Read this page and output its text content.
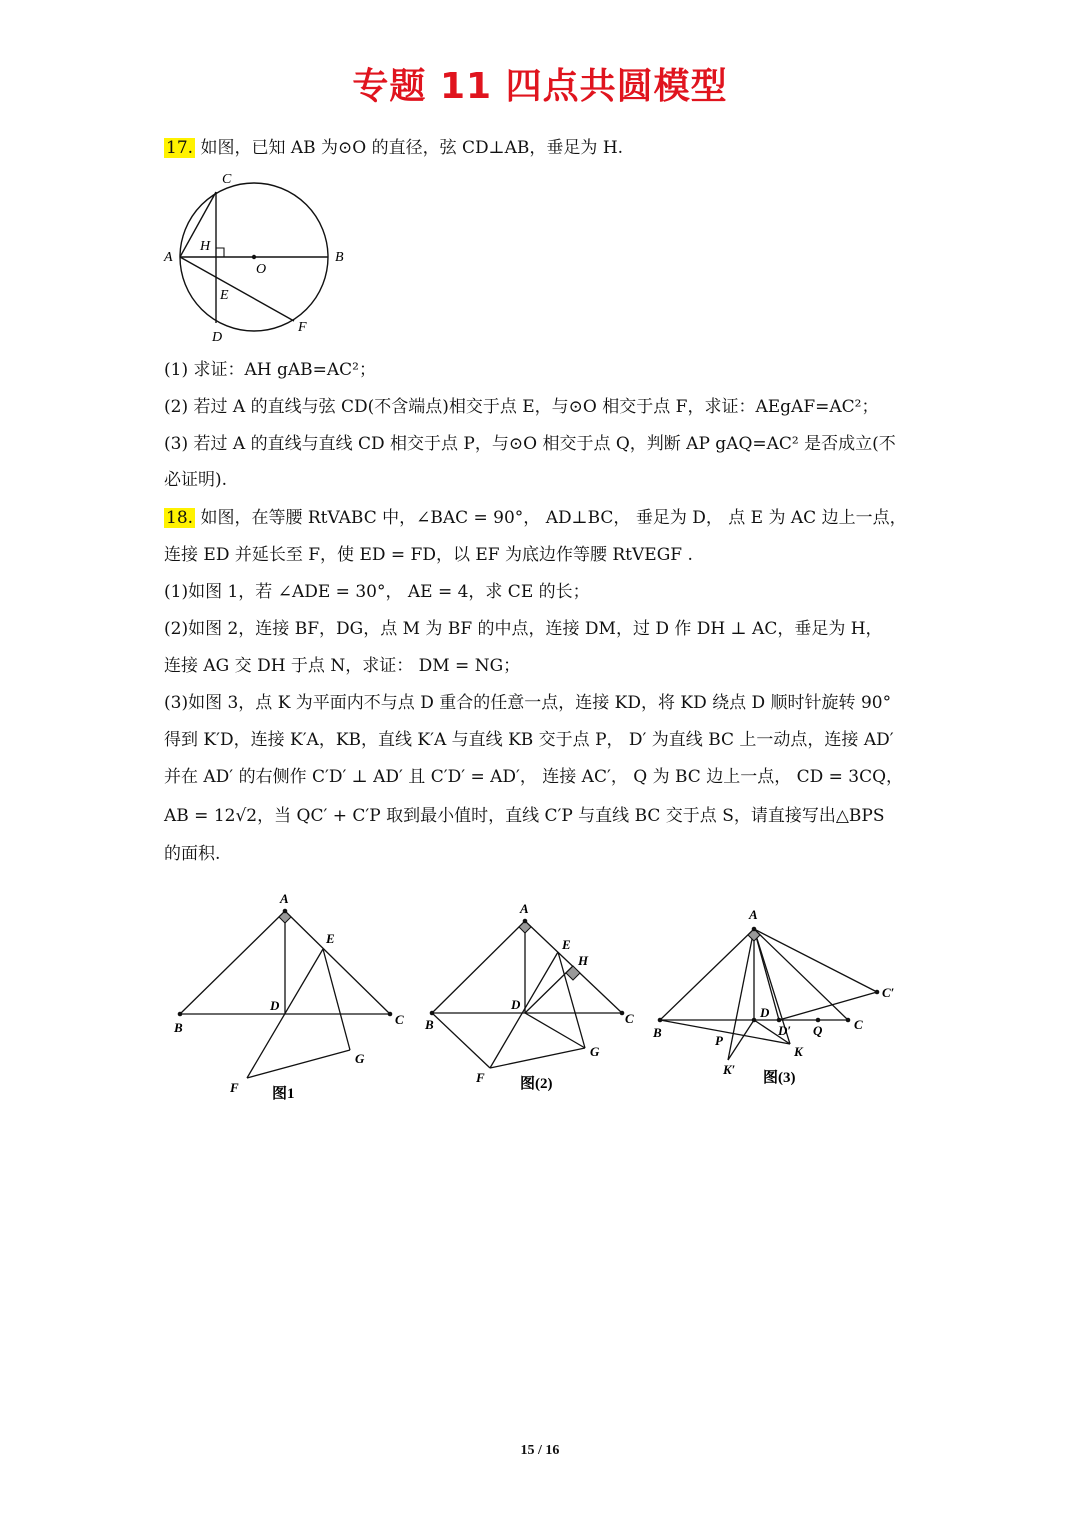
专题 11 四点共圆模型
17. 如图，已知 AB 为⊙O 的直径，弦 CD⊥AB，垂足为 H.
C
A	B
H
O
E
D
F
(1) 求证：AH gAB=AC²；
(2) 若过 A 的直线与弦 CD(不含端点)相交于点 E，与⊙O 相交于点 F，求证：AEgAF=AC²；
(3) 若过 A 的直线与直线 CD 相交于点 P，与⊙O 相交于点 Q，判断 AP gAQ=AC² 是否成立(不
必证明).
18. 如图，在等腰 RtVABC 中，∠BAC = 90°， AD⊥BC， 垂足为 D， 点 E 为 AC 边上一点，
连接 ED 并延长至 F，使 ED = FD，以 EF 为底边作等腰 RtVEGF .
(1)如图 1，若 ∠ADE = 30°， AE = 4，求 CE 的长；
(2)如图 2，连接 BF，DG，点 M 为 BF 的中点，连接 DM，过 D 作 DH ⊥ AC，垂足为 H，
连接 AG 交 DH 于点 N，求证： DM = NG；
(3)如图 3，点 K 为平面内不与点 D 重合的任意一点，连接 KD，将 KD 绕点 D 顺时针旋转 90°
得到 K′D，连接 K′A，KB，直线 K′A 与直线 KB 交于点 P， D′ 为直线 BC 上一动点，连接 AD′
并在 AD′ 的右侧作 C′D′ ⊥ AD′ 且 C′D′ = AD′， 连接 AC′， Q 为 BC 边上一点， CD = 3CQ，
AB = 12√2，当 QC′ + C′P 取到最小值时，直线 C′P 与直线 BC 交于点 S，请直接写出△BPS
的面积.
A
B
C
D
E
F
G
图1
A
B	C
D
E
H
F
G
图(2)
A
B
C
C′
D
D′ Q
P
K
K′
图(3)
15 / 16
